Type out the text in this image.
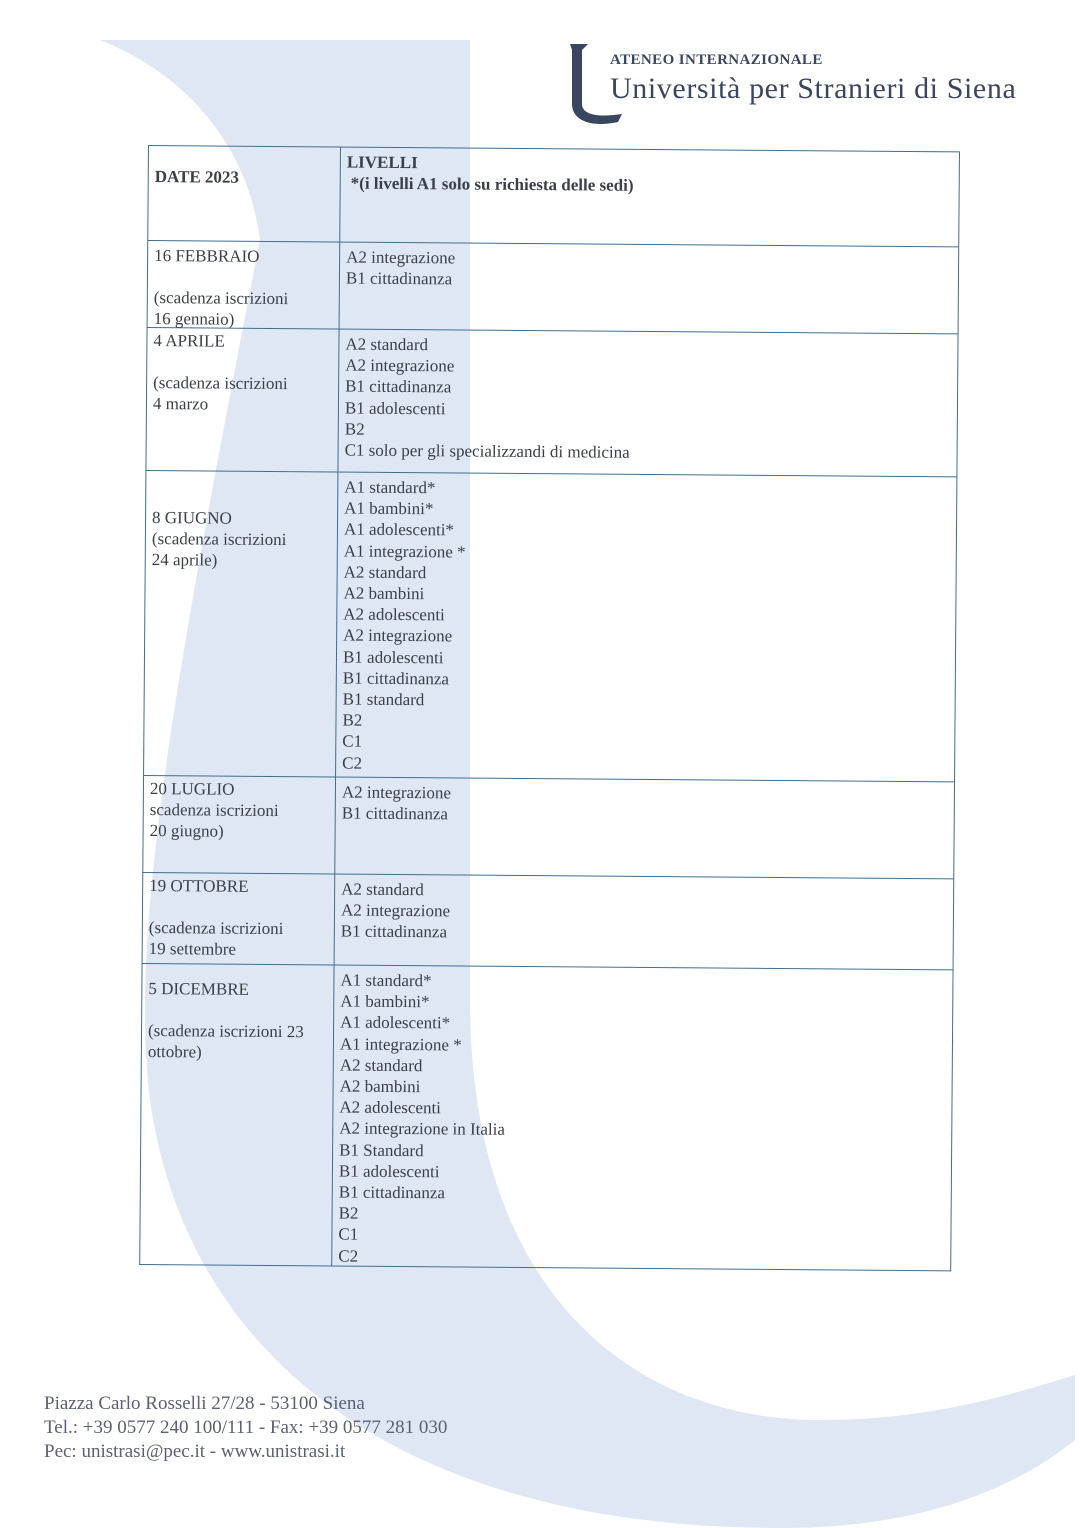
ATENEO INTERNAZIONALE
Università per Stranieri di Siena
DATE 2023
LIVELLI
*(i livelli A1 solo su richiesta delle sedi)
16 FEBBRAIO
(scadenza iscrizioni
16 gennaio)
A2 integrazione
B1 cittadinanza
4 APRILE
(scadenza iscrizioni
4 marzo
A2 standard
A2 integrazione
B1 cittadinanza
B1 adolescenti
B2
C1 solo per gli specializzandi di medicina
8 GIUGNO
(scadenza iscrizioni
24 aprile)
A1 standard*
A1 bambini*
A1 adolescenti*
A1 integrazione *
A2 standard
A2 bambini
A2 adolescenti
A2 integrazione
B1 adolescenti
B1 cittadinanza
B1 standard
B2
C1
C2
20 LUGLIO
scadenza iscrizioni
20 giugno)
A2 integrazione
B1 cittadinanza
19 OTTOBRE
(scadenza iscrizioni
19 settembre
A2 standard
A2 integrazione
B1 cittadinanza
5 DICEMBRE
(scadenza iscrizioni 23
ottobre)
A1 standard*
A1 bambini*
A1 adolescenti*
A1 integrazione *
A2 standard
A2 bambini
A2 adolescenti
A2 integrazione in Italia
B1 Standard
B1 adolescenti
B1 cittadinanza
B2
C1
C2
Piazza Carlo Rosselli 27/28 - 53100 Siena
Tel.: +39 0577 240 100/111 - Fax: +39 0577 281 030
Pec: unistrasi@pec.it - www.unistrasi.it
